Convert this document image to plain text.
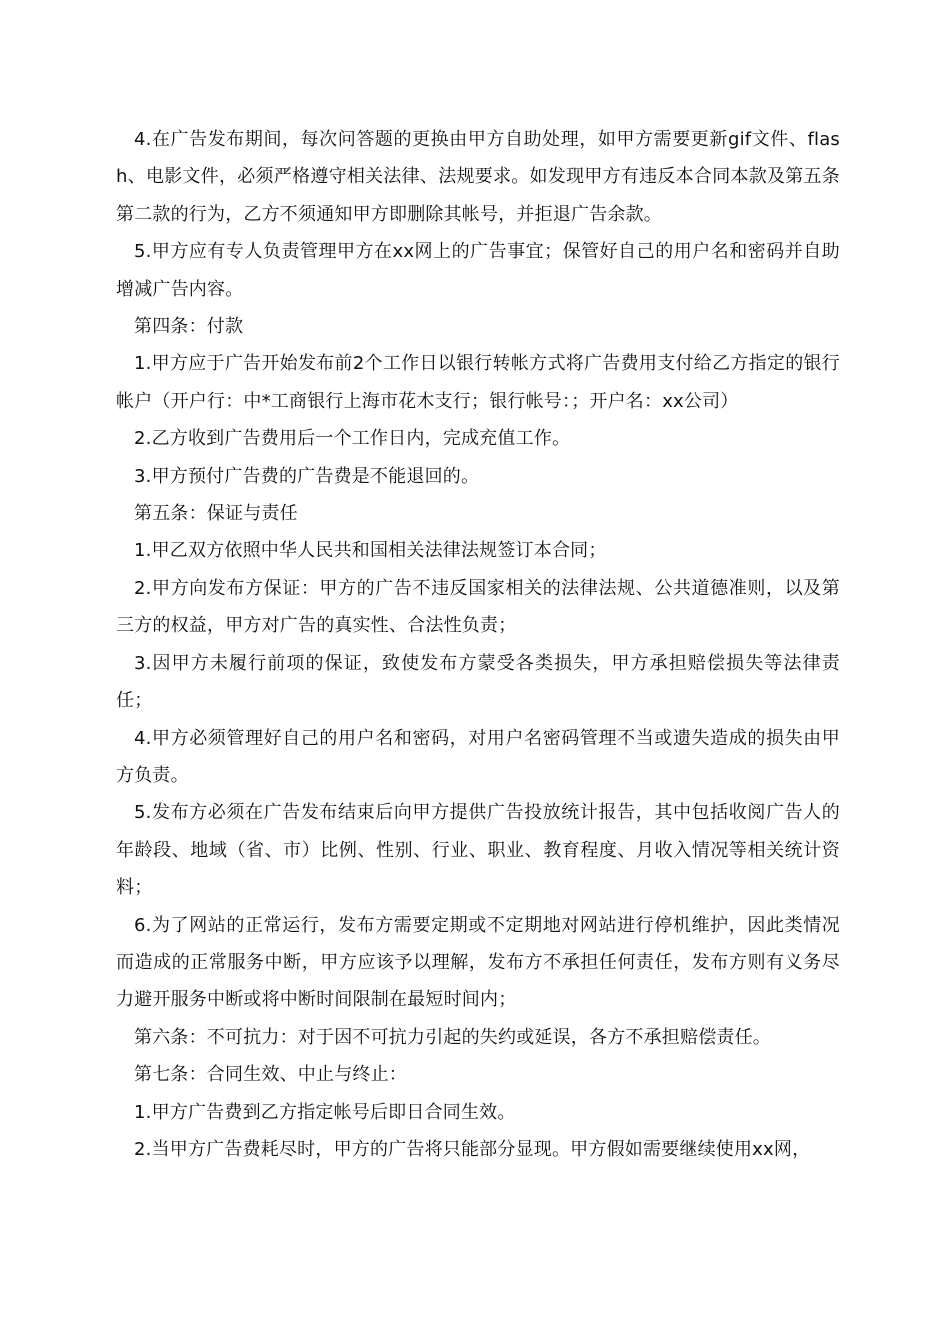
4.在广告发布期间，每次问答题的更换由甲方自助处理，如甲方需要更新gif文件、flash、电影文件，必须严格遵守相关法律、法规要求。如发现甲方有违反本合同本款及第五条第二款的行为，乙方不须通知甲方即删除其帐号，并拒退广告余款。

5.甲方应有专人负责管理甲方在xx网上的广告事宜；保管好自己的用户名和密码并自助增减广告内容。

第四条：付款

1.甲方应于广告开始发布前2个工作日以银行转帐方式将广告费用支付给乙方指定的银行帐户（开户行：中*工商银行上海市花木支行；银行帐号：；开户名：xx公司）

2.乙方收到广告费用后一个工作日内，完成充值工作。

3.甲方预付广告费的广告费是不能退回的。

第五条：保证与责任

1.甲乙双方依照中华人民共和国相关法律法规签订本合同；

2.甲方向发布方保证：甲方的广告不违反国家相关的法律法规、公共道德准则，以及第三方的权益，甲方对广告的真实性、合法性负责；

3.因甲方未履行前项的保证，致使发布方蒙受各类损失，甲方承担赔偿损失等法律责任；

4.甲方必须管理好自己的用户名和密码，对用户名密码管理不当或遗失造成的损失由甲方负责。

5.发布方必须在广告发布结束后向甲方提供广告投放统计报告，其中包括收阅广告人的年龄段、地域（省、市）比例、性别、行业、职业、教育程度、月收入情况等相关统计资料；

6.为了网站的正常运行，发布方需要定期或不定期地对网站进行停机维护，因此类情况而造成的正常服务中断，甲方应该予以理解，发布方不承担任何责任，发布方则有义务尽力避开服务中断或将中断时间限制在最短时间内；

第六条：不可抗力：对于因不可抗力引起的失约或延误，各方不承担赔偿责任。

第七条：合同生效、中止与终止：

1.甲方广告费到乙方指定帐号后即日合同生效。

2.当甲方广告费耗尽时，甲方的广告将只能部分显现。甲方假如需要继续使用xx网，
